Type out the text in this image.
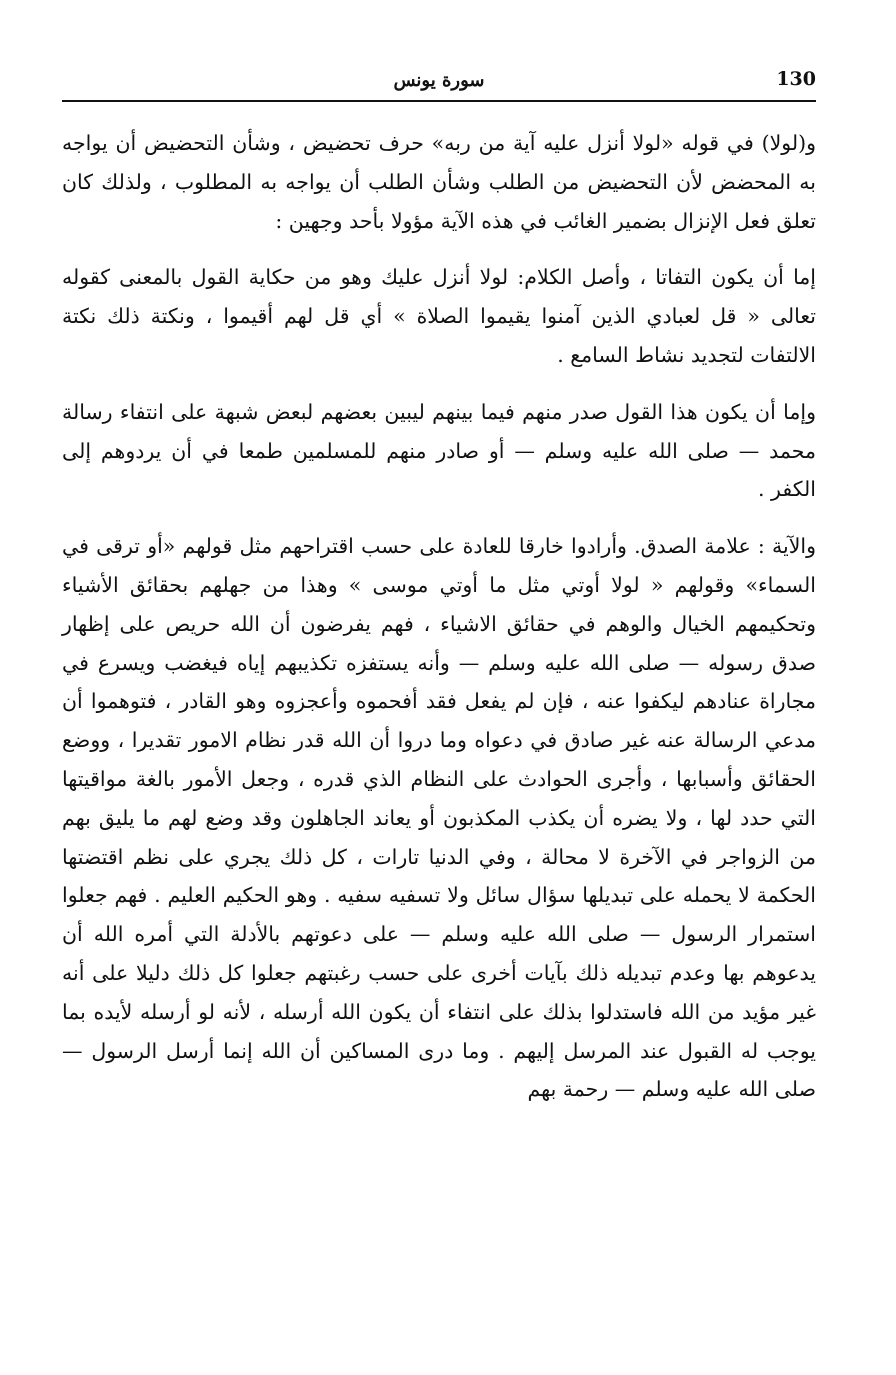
130
سورة يونس

و(لولا) في قوله «لولا أنزل عليه آية من ربه» حرف تحضيض ، وشأن التحضيض أن يواجه به المحضض لأن التحضيض من الطلب وشأن الطلب أن يواجه به المطلوب ، ولذلك كان تعلق فعل الإنزال بضمير الغائب في هذه الآية مؤولا بأحد وجهين :

إما أن يكون التفاتا ، وأصل الكلام: لولا أنزل عليك وهو من حكاية القول بالمعنى كقوله تعالى « قل لعبادي الذين آمنوا يقيموا الصلاة » أي قل لهم أقيموا ، ونكتة ذلك نكتة الالتفات لتجديد نشاط السامع .

وإما أن يكون هذا القول صدر منهم فيما بينهم ليبين بعضهم لبعض شبهة على انتفاء رسالة محمد — صلى الله عليه وسلم — أو صادر منهم للمسلمين طمعا في أن يردوهم إلى الكفر .

والآية : علامة الصدق. وأرادوا خارقا للعادة على حسب اقتراحهم مثل قولهم «أو ترقى في السماء» وقولهم « لولا أوتي مثل ما أوتي موسى » وهذا من جهلهم بحقائق الأشياء وتحكيمهم الخيال والوهم في حقائق الاشياء ، فهم يفرضون أن الله حريص على إظهار صدق رسوله — صلى الله عليه وسلم — وأنه يستفزه تكذيبهم إياه فيغضب ويسرع في مجاراة عنادهم ليكفوا عنه ، فإن لم يفعل فقد أفحموه وأعجزوه وهو القادر ، فتوهموا أن مدعي الرسالة عنه غير صادق في دعواه وما دروا أن الله قدر نظام الامور تقديرا ، ووضع الحقائق وأسبابها ، وأجرى الحوادث على النظام الذي قدره ، وجعل الأمور بالغة مواقيتها التي حدد لها ، ولا يضره أن يكذب المكذبون أو يعاند الجاهلون وقد وضع لهم ما يليق بهم من الزواجر في الآخرة لا محالة ، وفي الدنيا تارات ، كل ذلك يجري على نظم اقتضتها الحكمة لا يحمله على تبديلها سؤال سائل ولا تسفيه سفيه . وهو الحكيم العليم . فهم جعلوا استمرار الرسول — صلى الله عليه وسلم — على دعوتهم بالأدلة التي أمره الله أن يدعوهم بها وعدم تبديله ذلك بآيات أخرى على حسب رغبتهم جعلوا كل ذلك دليلا على أنه غير مؤيد من الله فاستدلوا بذلك على انتفاء أن يكون الله أرسله ، لأنه لو أرسله لأيده بما يوجب له القبول عند المرسل إليهم . وما درى المساكين أن الله إنما أرسل الرسول — صلى الله عليه وسلم — رحمة بهم
